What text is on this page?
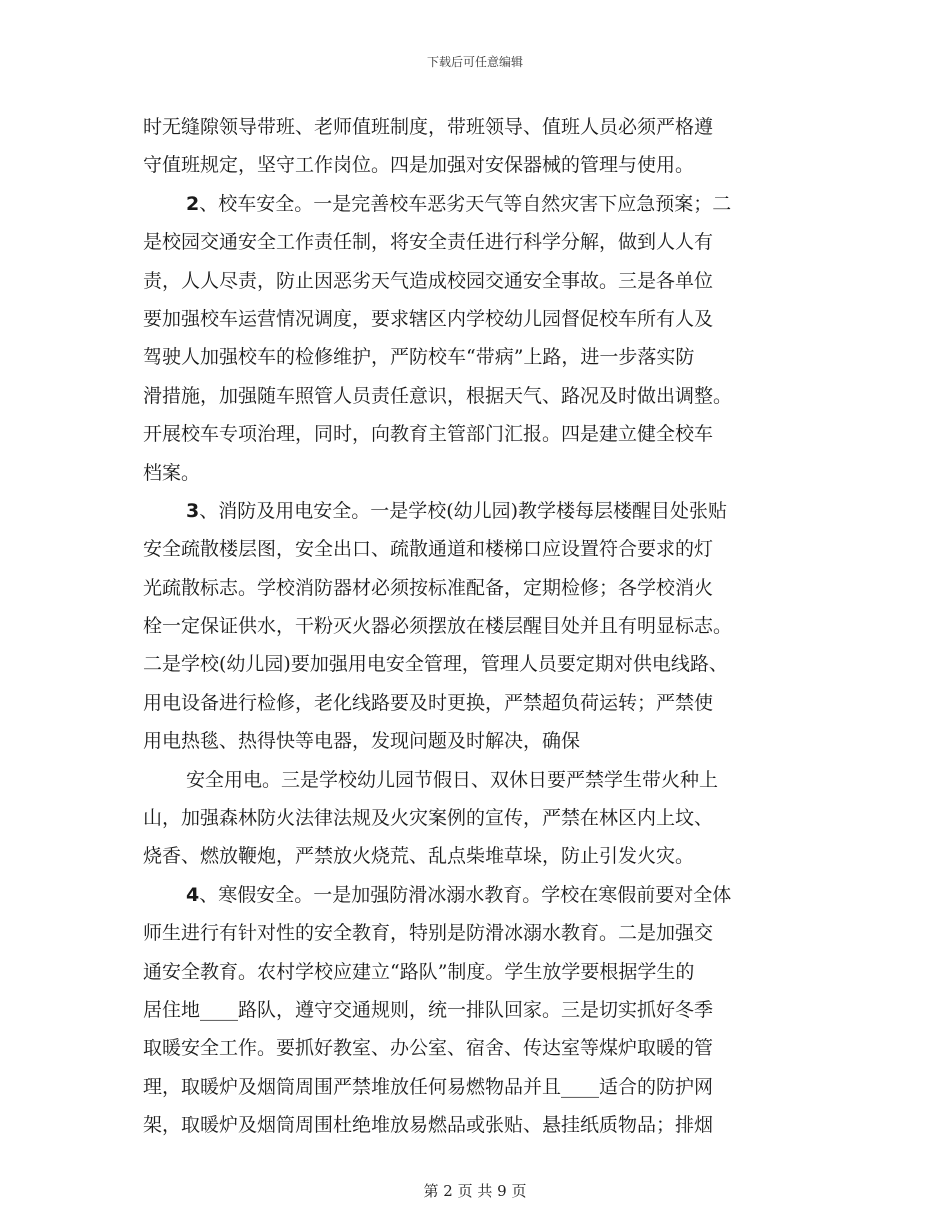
下载后可任意编辑
时无缝隙领导带班、老师值班制度，带班领导、值班人员必须严格遵
守值班规定，坚守工作岗位。四是加强对安保器械的管理与使用。
2、校车安全。一是完善校车恶劣天气等自然灾害下应急预案；二
是校园交通安全工作责任制，将安全责任进行科学分解，做到人人有
责，人人尽责，防止因恶劣天气造成校园交通安全事故。三是各单位
要加强校车运营情况调度，要求辖区内学校幼儿园督促校车所有人及
驾驶人加强校车的检修维护，严防校车“带病”上路，进一步落实防
滑措施，加强随车照管人员责任意识，根据天气、路况及时做出调整。
开展校车专项治理，同时，向教育主管部门汇报。四是建立健全校车
档案。
3、消防及用电安全。一是学校(幼儿园)教学楼每层楼醒目处张贴
安全疏散楼层图，安全出口、疏散通道和楼梯口应设置符合要求的灯
光疏散标志。学校消防器材必须按标准配备，定期检修；各学校消火
栓一定保证供水，干粉灭火器必须摆放在楼层醒目处并且有明显标志。
二是学校(幼儿园)要加强用电安全管理，管理人员要定期对供电线路、
用电设备进行检修，老化线路要及时更换，严禁超负荷运转；严禁使
用电热毯、热得快等电器，发现问题及时解决，确保
安全用电。三是学校幼儿园节假日、双休日要严禁学生带火种上
山，加强森林防火法律法规及火灾案例的宣传，严禁在林区内上坟、
烧香、燃放鞭炮，严禁放火烧荒、乱点柴堆草垛，防止引发火灾。
4、寒假安全。一是加强防滑冰溺水教育。学校在寒假前要对全体
师生进行有针对性的安全教育，特别是防滑冰溺水教育。二是加强交
通安全教育。农村学校应建立“路队”制度。学生放学要根据学生的
居住地____路队，遵守交通规则，统一排队回家。三是切实抓好冬季
取暖安全工作。要抓好教室、办公室、宿舍、传达室等煤炉取暖的管
理，取暖炉及烟筒周围严禁堆放任何易燃物品并且____适合的防护网
架，取暖炉及烟筒周围杜绝堆放易燃品或张贴、悬挂纸质物品；排烟
第 2 页 共 9 页
